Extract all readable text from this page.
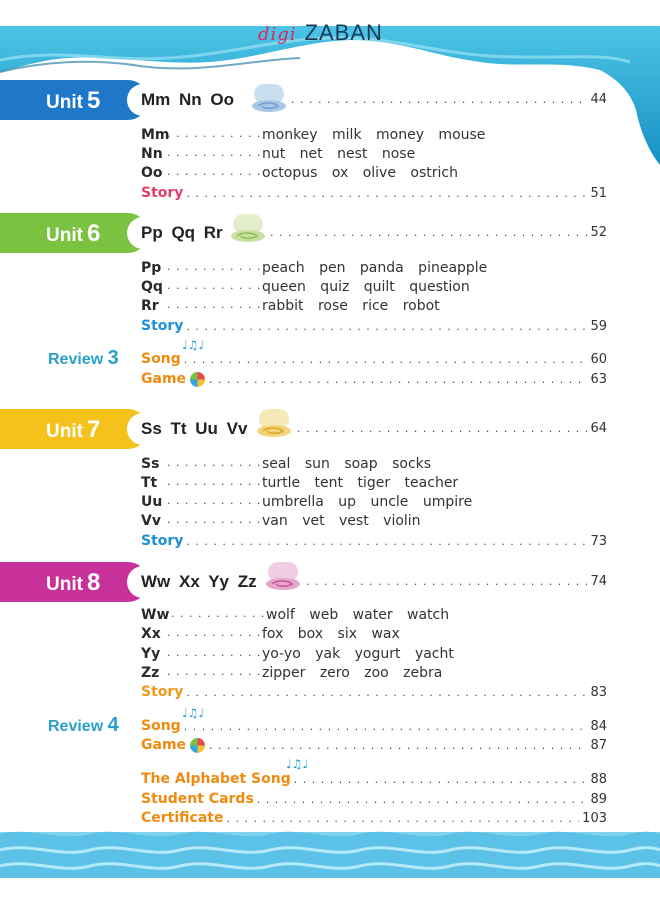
digi ZABAN
Unit 5 Mm Nn Oo . . .	44
Mm . . .	monkey milk money mouse
Nn . . .	nut net nest nose
Oo . . .	octopus ox olive ostrich
Story . . .	51
Unit 6 Pp Qq Rr . . .	52
Pp . . .	peach pen panda pineapple
Qq . . .	queen quiz quilt question
Rr . . .	rabbit rose rice robot
Story . . .	59
Review 3
♩♫♩
Song . . .	60
Game . . .	63
Unit 7 Ss Tt Uu Vv . . .	64
Ss . . .	seal sun soap socks
Tt . . .	turtle tent tiger teacher
Uu . . .	umbrella up uncle umpire
Vv . . .	van vet vest violin
Story . . .	73
Unit 8 Ww Xx Yy Zz . . .	74
Ww . . .	wolf web water watch
Xx . . .	fox box six wax
Yy . . .	yo-yo yak yogurt yacht
Zz . . .	zipper zero zoo zebra
Story . . .	83
Review 4
♩♫♩
Song . . .	84
Game . . .	87
♩♫♩
The Alphabet Song . . .	88
Student Cards . . .	89
Certificate . . .	103
